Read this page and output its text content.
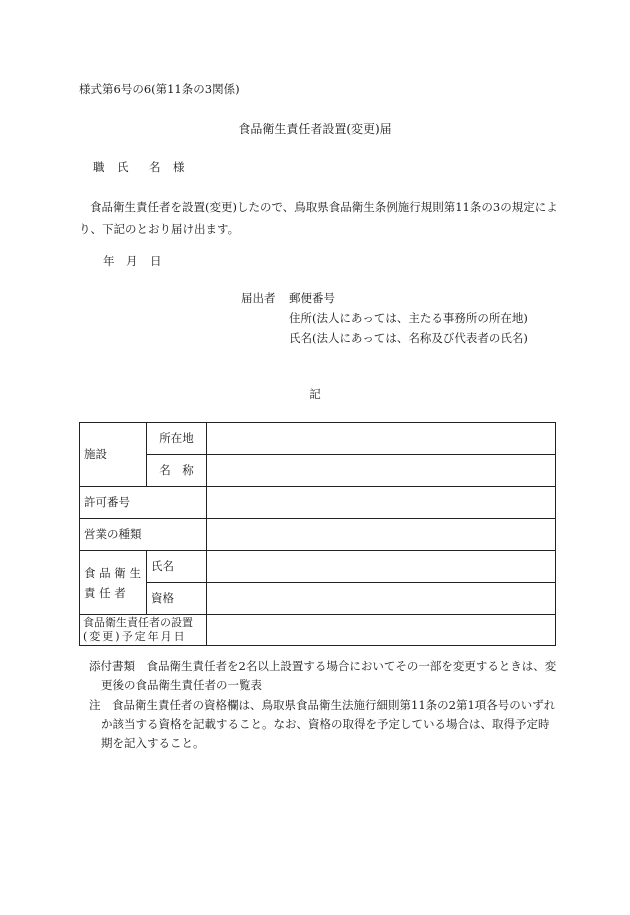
様式第6号の6(第11条の3関係)
食品衛生責任者設置(変更)届
職 氏 名 様
食品衛生責任者を設置(変更)したので、鳥取県食品衛生条例施行規則第11条の3の規定により、下記のとおり届け出ます。
年 月 日
届出者 郵便番号
住所(法人にあっては、主たる事務所の所在地)
氏名(法人にあっては、名称及び代表者の氏名)
記
施設	所在地	
	名　称	
許可番号		
営業の種類		

食 品 衛 生
責 任 者	氏名	
	資格	

食品衛生責任者の設置
(変更)予定年月日		

添付書類　食品衛生責任者を2名以上設置する場合においてその一部を変更するときは、変更後の食品衛生責任者の一覧表
注　食品衛生責任者の資格欄は、鳥取県食品衛生法施行細則第11条の2第1項各号のいずれか該当する資格を記載すること。なお、資格の取得を予定している場合は、取得予定時期を記入すること。
